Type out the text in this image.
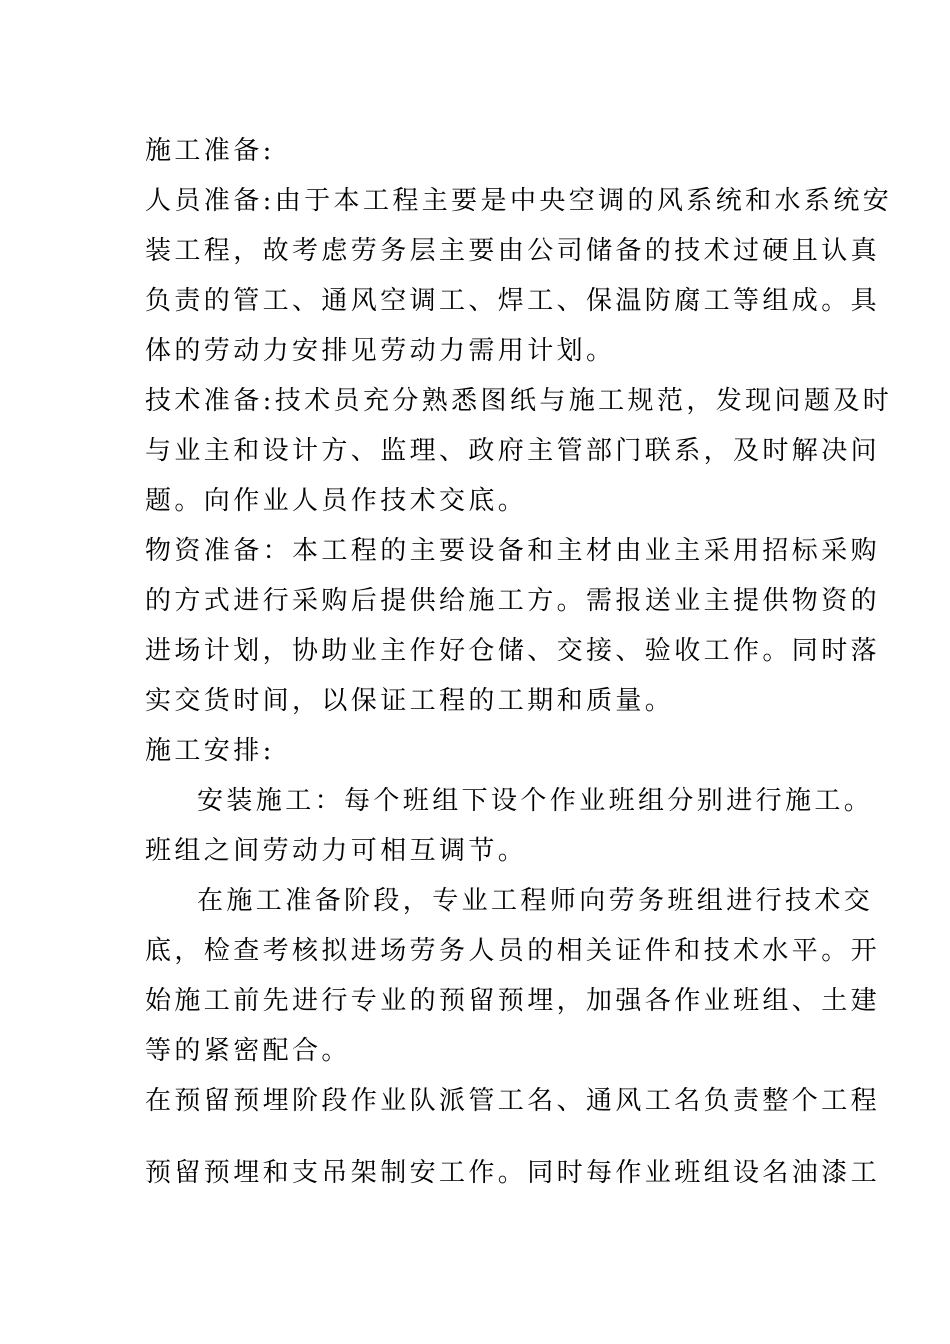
施工准备:
人员准备:由于本工程主要是中央空调的风系统和水系统安
装工程，故考虑劳务层主要由公司储备的技术过硬且认真
负责的管工、通风空调工、焊工、保温防腐工等组成。具
体的劳动力安排见劳动力需用计划。
技术准备:技术员充分熟悉图纸与施工规范，发现问题及时
与业主和设计方、监理、政府主管部门联系，及时解决问
题。向作业人员作技术交底。
物资准备：本工程的主要设备和主材由业主采用招标采购
的方式进行采购后提供给施工方。需报送业主提供物资的
进场计划，协助业主作好仓储、交接、验收工作。同时落
实交货时间，以保证工程的工期和质量。
施工安排:
安装施工：每个班组下设个作业班组分别进行施工。
班组之间劳动力可相互调节。
在施工准备阶段，专业工程师向劳务班组进行技术交
底，检查考核拟进场劳务人员的相关证件和技术水平。开
始施工前先进行专业的预留预埋，加强各作业班组、土建
等的紧密配合。
在预留预埋阶段作业队派管工名、通风工名负责整个工程
预留预埋和支吊架制安工作。同时每作业班组设名油漆工
